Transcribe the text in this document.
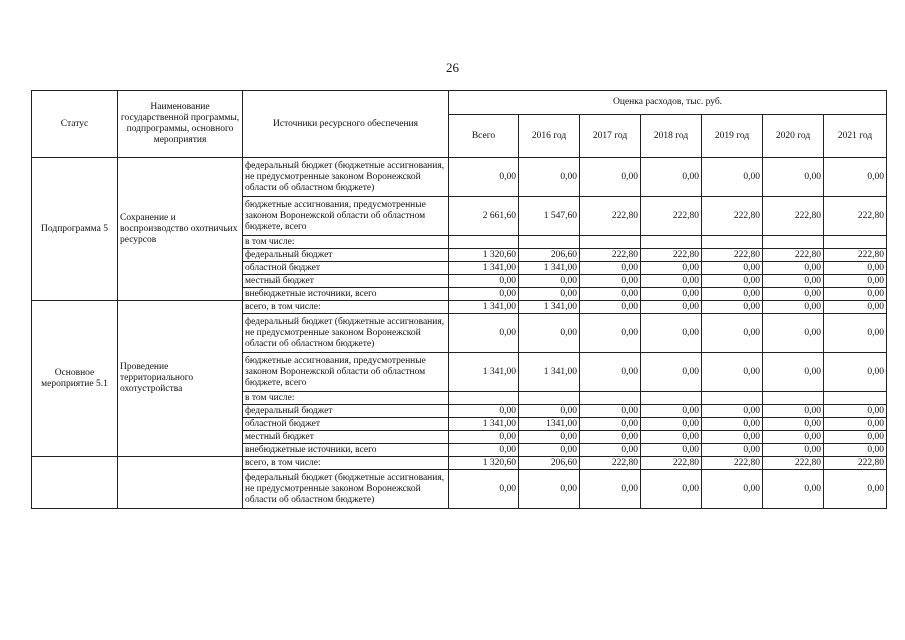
26
Статус	Наименование государственной программы, подпрограммы, основного мероприятия	Источники ресурсного обеспечения	Оценка расходов, тыс. руб.						
			Всего	2016 год	2017 год	2018 год	2019 год	2020 год	2021 год
Подпрограмма 5	Сохранение и воспроизводство охотничьих ресурсов	федеральный бюджет (бюджетные ассигнования, не предусмотренные законом Воронежской области об областном бюджете)	0,00	0,00	0,00	0,00	0,00	0,00	0,00
		бюджетные ассигнования, предусмотренные законом Воронежской области об областном бюджете, всего	2 661,60	1 547,60	222,80	222,80	222,80	222,80	222,80
		в том числе:							
		федеральный бюджет	1 320,60	206,60	222,80	222,80	222,80	222,80	222,80
		областной бюджет	1 341,00	1 341,00	0,00	0,00	0,00	0,00	0,00
		местный бюджет	0,00	0,00	0,00	0,00	0,00	0,00	0,00
		внебюджетные источники, всего	0,00	0,00	0,00	0,00	0,00	0,00	0,00
Основное мероприятие 5.1	Проведение территориального охотустройства	всего, в том числе:	1 341,00	1 341,00	0,00	0,00	0,00	0,00	0,00
		федеральный бюджет (бюджетные ассигнования, не предусмотренные законом Воронежской области об областном бюджете)	0,00	0,00	0,00	0,00	0,00	0,00	0,00
		бюджетные ассигнования, предусмотренные законом Воронежской области об областном бюджете, всего	1 341,00	1 341,00	0,00	0,00	0,00	0,00	0,00
		в том числе:							
		федеральный бюджет	0,00	0,00	0,00	0,00	0,00	0,00	0,00
		областной бюджет	1 341,00	1341,00	0,00	0,00	0,00	0,00	0,00
		местный бюджет	0,00	0,00	0,00	0,00	0,00	0,00	0,00
		внебюджетные источники, всего	0,00	0,00	0,00	0,00	0,00	0,00	0,00
		всего, в том числе:	1 320,60	206,60	222,80	222,80	222,80	222,80	222,80
		федеральный бюджет (бюджетные ассигнования, не предусмотренные законом Воронежской области об областном бюджете)	0,00	0,00	0,00	0,00	0,00	0,00	0,00
